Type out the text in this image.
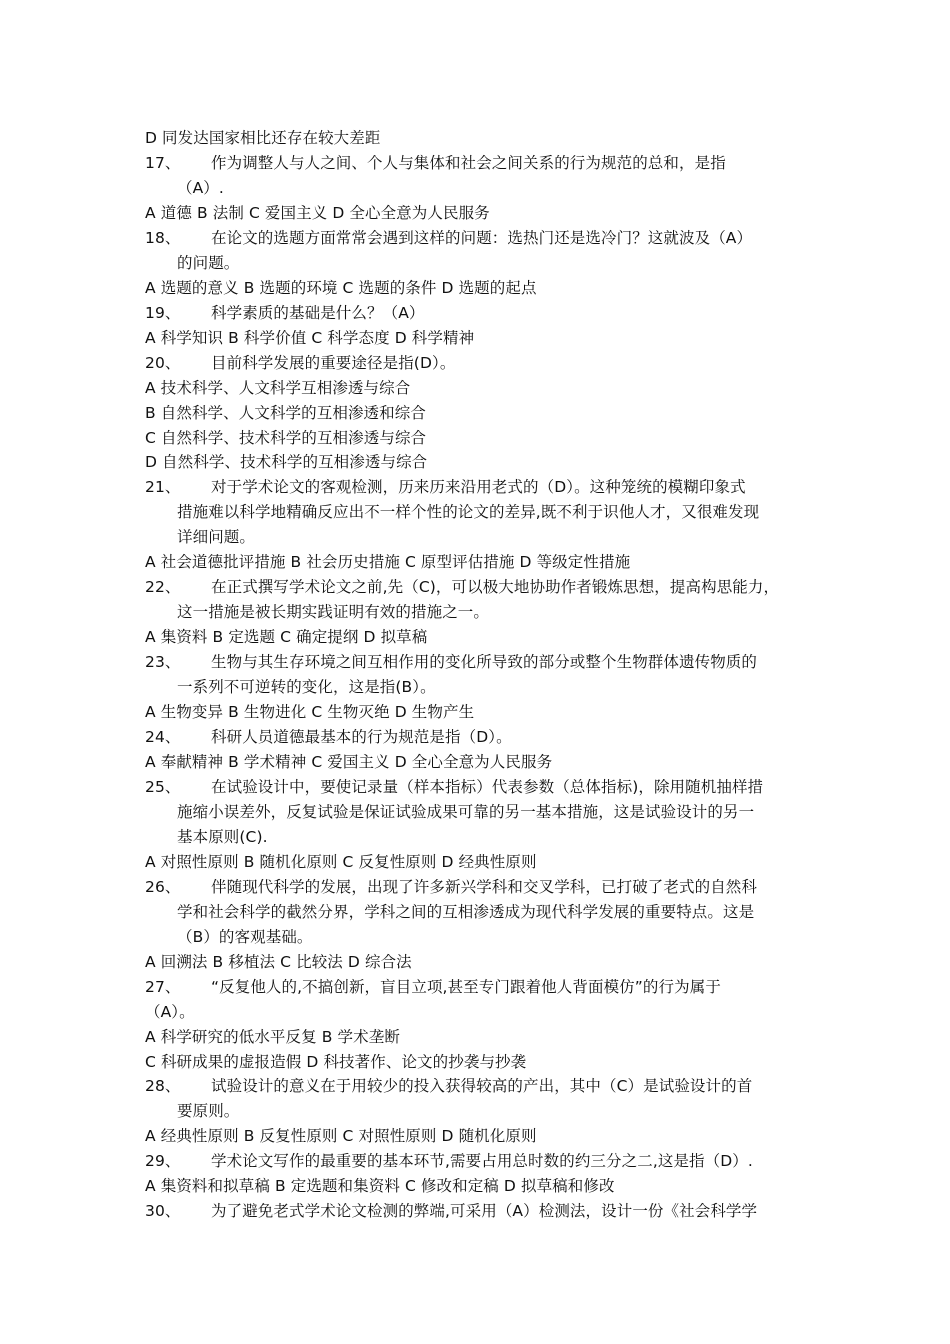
D 同发达国家相比还存在较大差距
17、 作为调整人与人之间、个人与集体和社会之间关系的行为规范的总和，是指
（A）.
A 道德 B 法制 C 爱国主义 D 全心全意为人民服务
18、 在论文的选题方面常常会遇到这样的问题：选热门还是选冷门？这就波及（A）
的问题。
A 选题的意义 B 选题的环境 C 选题的条件 D 选题的起点
19、 科学素质的基础是什么？（A）
A 科学知识 B 科学价值 C 科学态度 D 科学精神
20、 目前科学发展的重要途径是指(D）。
A 技术科学、人文科学互相渗透与综合
B 自然科学、人文科学的互相渗透和综合
C 自然科学、技术科学的互相渗透与综合
D 自然科学、技术科学的互相渗透与综合
21、 对于学术论文的客观检测，历来历来沿用老式的（D）。这种笼统的模糊印象式
措施难以科学地精确反应出不一样个性的论文的差异,既不利于识他人才，又很难发现
详细问题。
A 社会道德批评措施 B 社会历史措施 C 原型评估措施 D 等级定性措施
22、 在正式撰写学术论文之前,先（C)，可以极大地协助作者锻炼思想，提高构思能力，
这一措施是被长期实践证明有效的措施之一。
A 集资料 B 定选题 C 确定提纲 D 拟草稿
23、 生物与其生存环境之间互相作用的变化所导致的部分或整个生物群体遗传物质的
一系列不可逆转的变化，这是指(B）。
A 生物变异 B 生物进化 C 生物灭绝 D 生物产生
24、 科研人员道德最基本的行为规范是指（D）。
A 奉献精神 B 学术精神 C 爱国主义 D 全心全意为人民服务
25、 在试验设计中，要使记录量（样本指标）代表参数（总体指标)，除用随机抽样措
施缩小误差外，反复试验是保证试验成果可靠的另一基本措施，这是试验设计的另一
基本原则(C).
A 对照性原则 B 随机化原则 C 反复性原则 D 经典性原则
26、 伴随现代科学的发展，出现了许多新兴学科和交叉学科，已打破了老式的自然科
学和社会科学的截然分界，学科之间的互相渗透成为现代科学发展的重要特点。这是
（B）的客观基础。
A 回溯法 B 移植法 C 比较法 D 综合法
27、 “反复他人的,不搞创新，盲目立项,甚至专门跟着他人背面模仿”的行为属于
（A）。
A 科学研究的低水平反复 B 学术垄断
C 科研成果的虚报造假 D 科技著作、论文的抄袭与抄袭
28、 试验设计的意义在于用较少的投入获得较高的产出，其中（C）是试验设计的首
要原则。
A 经典性原则 B 反复性原则 C 对照性原则 D 随机化原则
29、 学术论文写作的最重要的基本环节,需要占用总时数的约三分之二,这是指（D）.
A 集资料和拟草稿 B 定选题和集资料 C 修改和定稿 D 拟草稿和修改
30、 为了避免老式学术论文检测的弊端,可采用（A）检测法，设计一份《社会科学学
